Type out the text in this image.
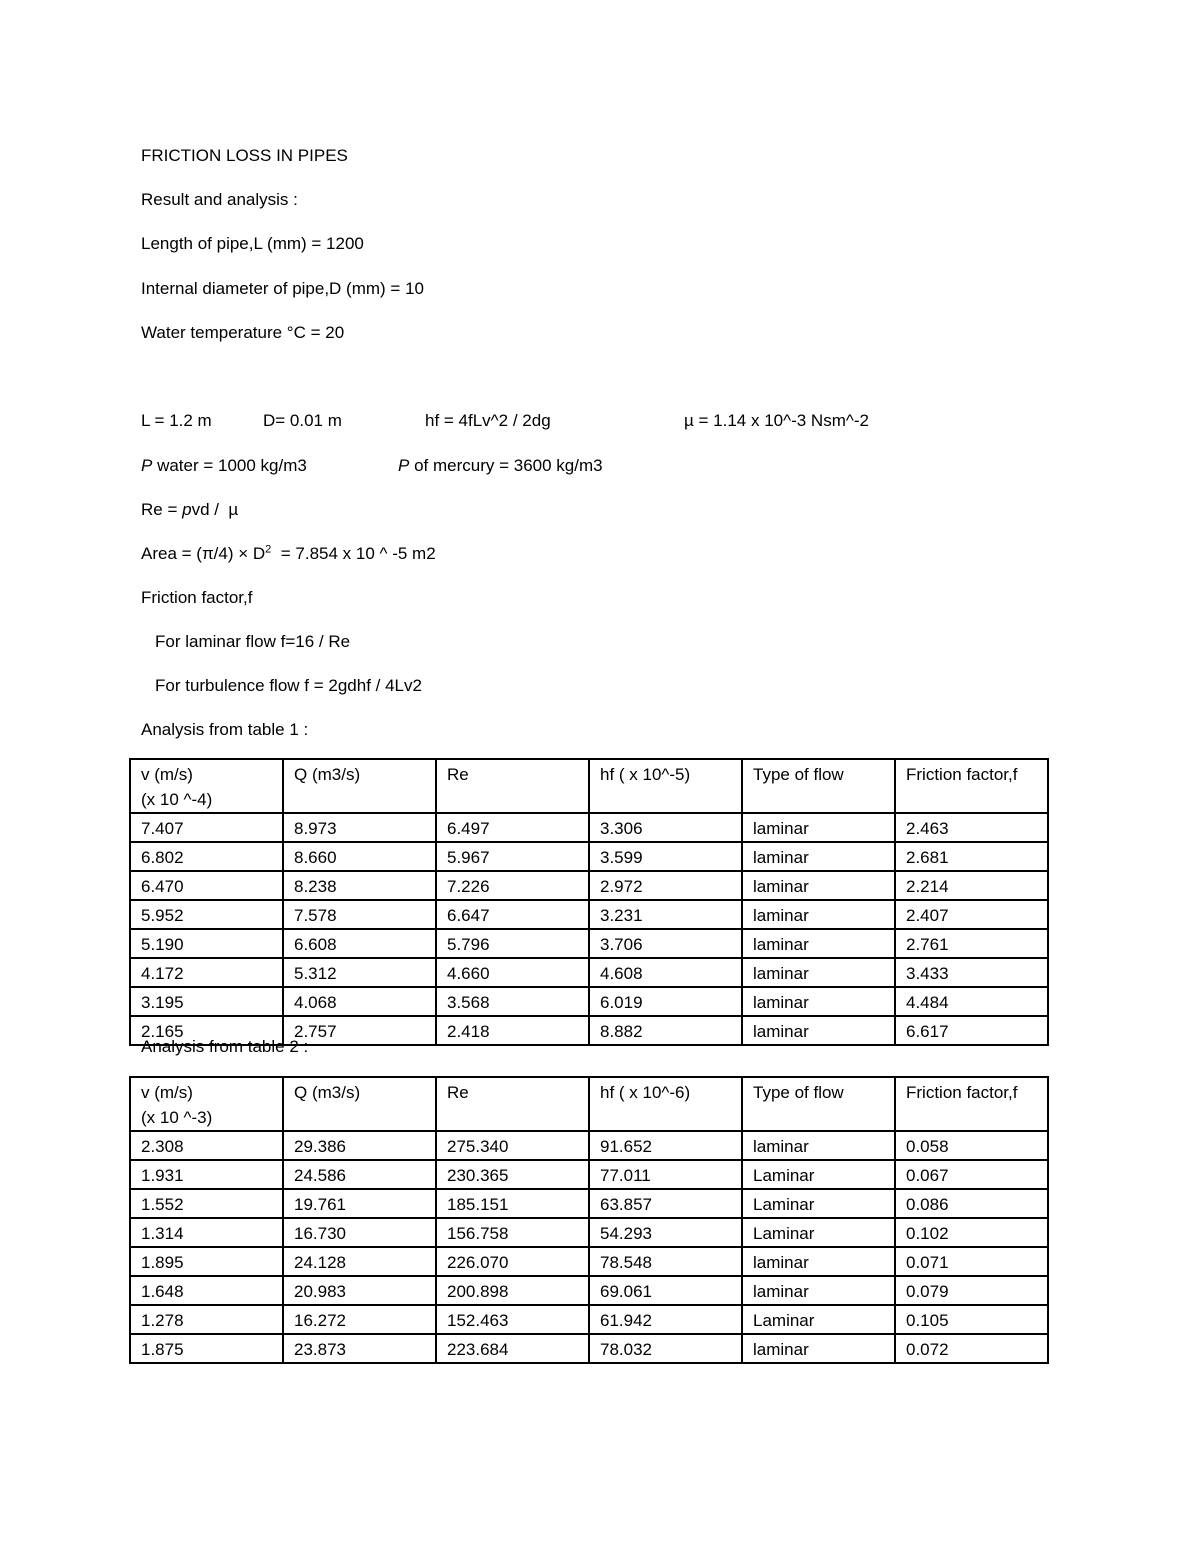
FRICTION LOSS IN PIPES
Result and analysis :
Length of pipe,L (mm) = 1200
Internal diameter of pipe,D (mm) = 10
Water temperature °C = 20
L = 1.2 m	D= 0.01 m	hf = 4fLv^2 / 2dg	µ = 1.14 x 10^-3 Nsm^-2
P water = 1000 kg/m3	P of mercury = 3600 kg/m3
Re = pvd /  µ
Area = $(\pi/4) \times D^2 = 7.854$ x 10 ^ -5 m2
Friction factor,f
For laminar flow f=16 / Re
For turbulence flow f = 2gdhf / 4Lv2
Analysis from table 1 :
v (m/s)
(x 10 ^-4)	Q (m3/s)	Re	hf ( x 10^-5)	Type of flow	Friction factor,f
7.407	8.973	6.497	3.306	laminar	2.463
6.802	8.660	5.967	3.599	laminar	2.681
6.470	8.238	7.226	2.972	laminar	2.214
5.952	7.578	6.647	3.231	laminar	2.407
5.190	6.608	5.796	3.706	laminar	2.761
4.172	5.312	4.660	4.608	laminar	3.433
3.195	4.068	3.568	6.019	laminar	4.484
2.165	2.757	2.418	8.882	laminar	6.617
Analysis from table 2 :
v (m/s)
(x 10 ^-3)	Q (m3/s)	Re	hf ( x 10^-6)	Type of flow	Friction factor,f
2.308	29.386	275.340	91.652	laminar	0.058
1.931	24.586	230.365	77.011	Laminar	0.067
1.552	19.761	185.151	63.857	Laminar	0.086
1.314	16.730	156.758	54.293	Laminar	0.102
1.895	24.128	226.070	78.548	laminar	0.071
1.648	20.983	200.898	69.061	laminar	0.079
1.278	16.272	152.463	61.942	Laminar	0.105
1.875	23.873	223.684	78.032	laminar	0.072
